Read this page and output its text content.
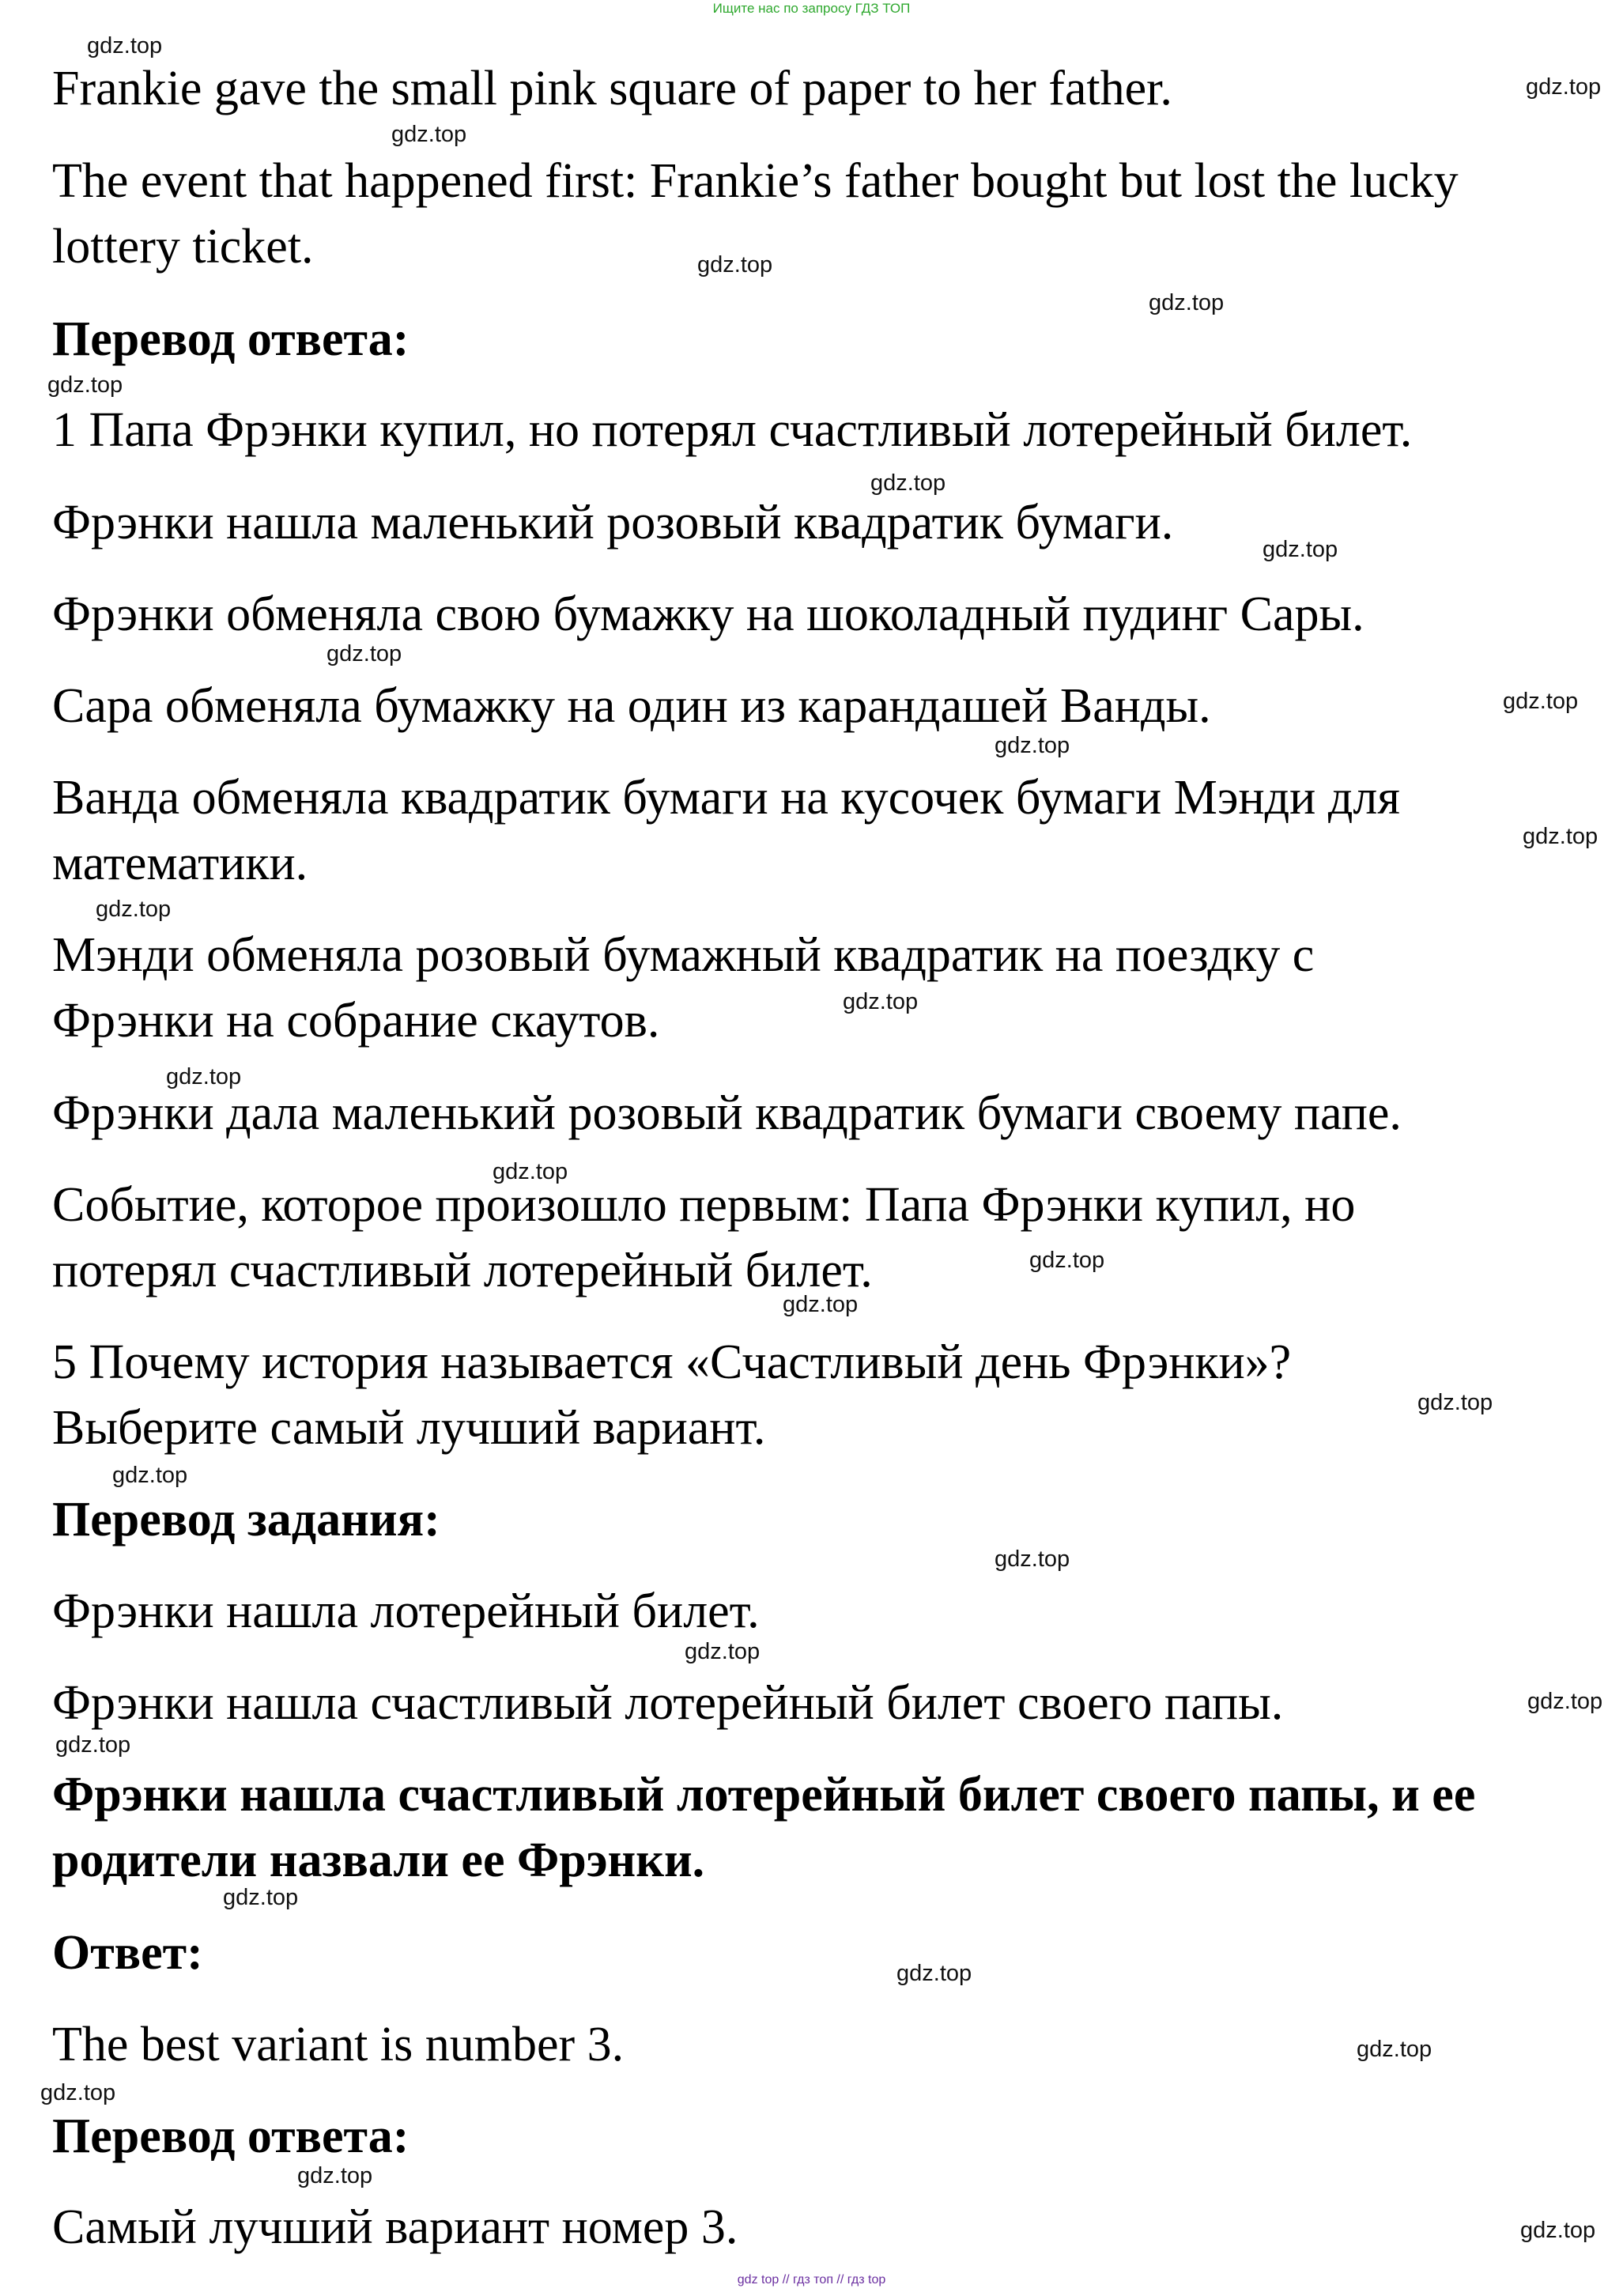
Ищите нас по запросу ГДЗ ТОП

Frankie gave the small pink square of paper to her father.

The event that happened first: Frankie’s father bought but lost the lucky

lottery ticket.

Перевод ответа:

1 Папа Фрэнки купил, но потерял счастливый лотерейный билет.

Фрэнки нашла маленький розовый квадратик бумаги.

Фрэнки обменяла свою бумажку на шоколадный пудинг Сары.

Сара обменяла бумажку на один из карандашей Ванды.

Ванда обменяла квадратик бумаги на кусочек бумаги Мэнди для

математики.

Мэнди обменяла розовый бумажный квадратик на поездку с

Фрэнки на собрание скаутов.

Фрэнки дала маленький розовый квадратик бумаги своему папе.

Событие, которое произошло первым: Папа Фрэнки купил, но

потерял счастливый лотерейный билет.

5 Почему история называется «Счастливый день Фрэнки»?

Выберите самый лучший вариант.

Перевод задания:

Фрэнки нашла лотерейный билет.

Фрэнки нашла счастливый лотерейный билет своего папы.

Фрэнки нашла счастливый лотерейный билет своего папы, и ее

родители назвали ее Фрэнки.

Ответ:

The best variant is number 3.

Перевод ответа:

Самый лучший вариант номер 3.

gdz.top
gdz.top
gdz.top
gdz.top
gdz.top
gdz.top
gdz.top
gdz.top
gdz.top
gdz.top
gdz.top
gdz.top
gdz.top
gdz.top
gdz.top
gdz.top
gdz.top
gdz.top
gdz.top
gdz.top
gdz.top
gdz.top
gdz.top
gdz.top
gdz.top
gdz.top
gdz.top
gdz.top
gdz.top
gdz.top
gdz top // гдз топ // гдз top
